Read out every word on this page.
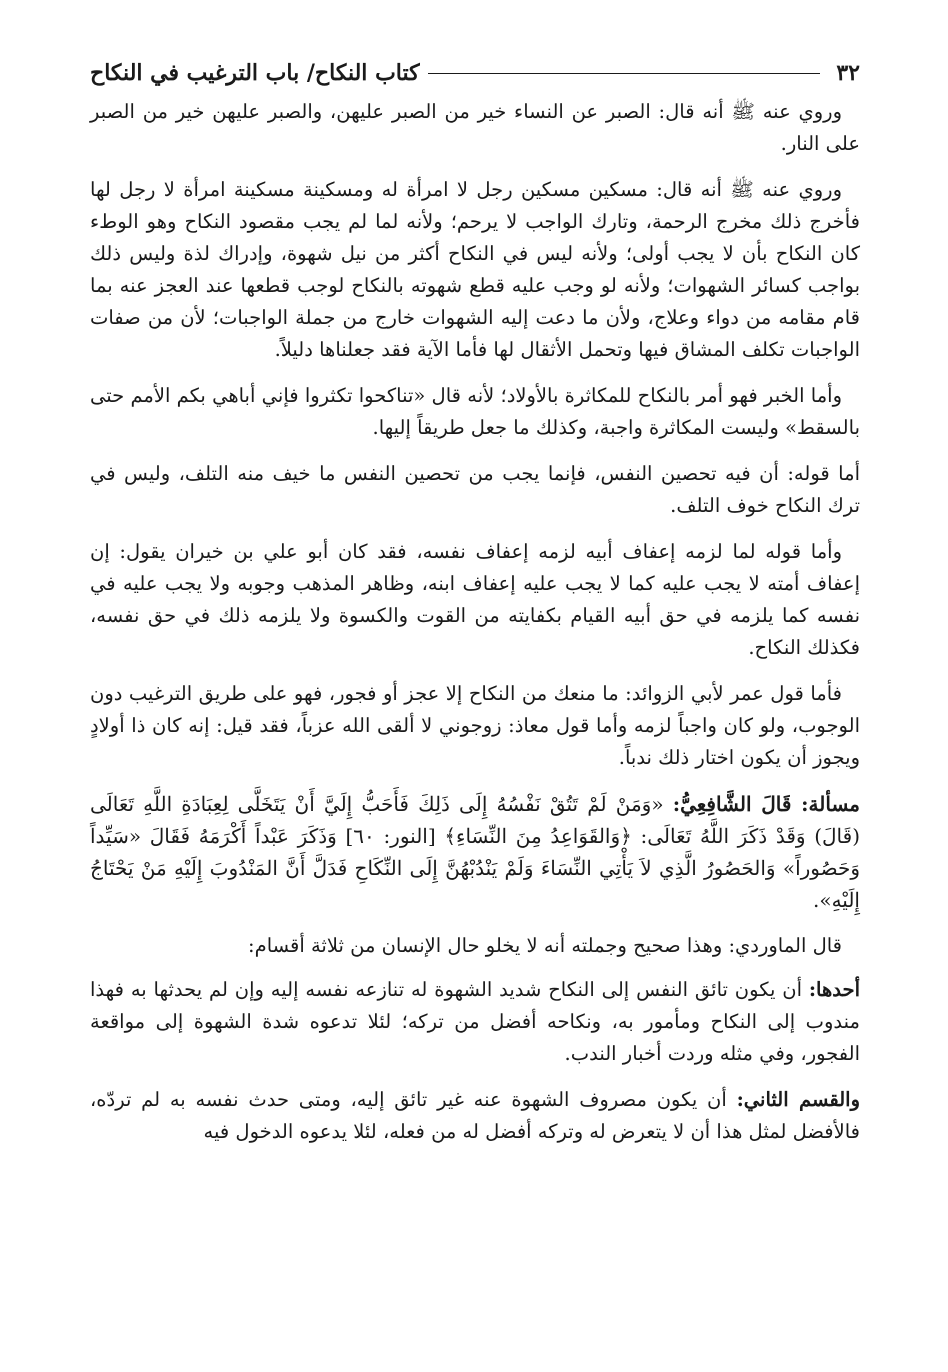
٣٢
كتاب النكاح/ باب الترغيب في النكاح

وروي عنه ﷺ أنه قال: الصبر عن النساء خير من الصبر عليهن، والصبر عليهن خير من الصبر على النار.

وروي عنه ﷺ أنه قال: مسكين مسكين رجل لا امرأة له ومسكينة مسكينة امرأة لا رجل لها فأخرج ذلك مخرج الرحمة، وتارك الواجب لا يرحم؛ ولأنه لما لم يجب مقصود النكاح وهو الوطء كان النكاح بأن لا يجب أولى؛ ولأنه ليس في النكاح أكثر من نيل شهوة، وإدراك لذة وليس ذلك بواجب كسائر الشهوات؛ ولأنه لو وجب عليه قطع شهوته بالنكاح لوجب قطعها عند العجز عنه بما قام مقامه من دواء وعلاج، ولأن ما دعت إليه الشهوات خارج من جملة الواجبات؛ لأن من صفات الواجبات تكلف المشاق فيها وتحمل الأثقال لها فأما الآية فقد جعلناها دليلاً.

وأما الخبر فهو أمر بالنكاح للمكاثرة بالأولاد؛ لأنه قال «تناكحوا تكثروا فإني أباهي بكم الأمم حتى بالسقط» وليست المكاثرة واجبة، وكذلك ما جعل طريقاً إليها.

أما قوله: أن فيه تحصين النفس، فإنما يجب من تحصين النفس ما خيف منه التلف، وليس في ترك النكاح خوف التلف.

وأما قوله لما لزمه إعفاف أبيه لزمه إعفاف نفسه، فقد كان أبو علي بن خيران يقول: إن إعفاف أمته لا يجب عليه كما لا يجب عليه إعفاف ابنه، وظاهر المذهب وجوبه ولا يجب عليه في نفسه كما يلزمه في حق أبيه القيام بكفايته من القوت والكسوة ولا يلزمه ذلك في حق نفسه، فكذلك النكاح.

فأما قول عمر لأبي الزوائد: ما منعك من النكاح إلا عجز أو فجور، فهو على طريق الترغيب دون الوجوب، ولو كان واجباً لزمه وأما قول معاذ: زوجوني لا ألقى الله عزباً، فقد قيل: إنه كان ذا أولادٍ ويجوز أن يكون اختار ذلك ندباً.

مسألة: قَالَ الشَّافِعِيُّ: «وَمَنْ لَمْ تَتُقْ نَفْسُهُ إِلَى ذَلِكَ فَأَحَبُّ إِلَيَّ أَنْ يَتَخَلَّى لِعِبَادَةِ اللَّهِ تَعَالَى (قَالَ) وَقَدْ ذَكَرَ اللَّهُ تَعَالَى: ﴿وَالقَوَاعِدُ مِنَ النِّسَاءِ﴾ [النور: ٦٠] وَذَكَرَ عَبْداً أَكْرَمَهُ فَقَالَ «سَيِّداً وَحَصُوراً» وَالحَصُورُ الَّذِي لاَ يَأْتِي النِّسَاءَ وَلَمْ يَنْدُبْهُنَّ إِلَى النِّكَاحِ فَدَلَّ أَنَّ المَنْدُوبَ إِلَيْهِ مَنْ يَحْتَاجُ إِلَيْهِ».

قال الماوردي: وهذا صحيح وجملته أنه لا يخلو حال الإنسان من ثلاثة أقسام:

أحدها: أن يكون تائق النفس إلى النكاح شديد الشهوة له تنازعه نفسه إليه وإن لم يحدثها به فهذا مندوب إلى النكاح ومأمور به، ونكاحه أفضل من تركه؛ لئلا تدعوه شدة الشهوة إلى مواقعة الفجور، وفي مثله وردت أخبار الندب.

والقسم الثاني: أن يكون مصروف الشهوة عنه غير تائق إليه، ومتى حدث نفسه به لم تردّه، فالأفضل لمثل هذا أن لا يتعرض له وتركه أفضل له من فعله، لئلا يدعوه الدخول فيه
